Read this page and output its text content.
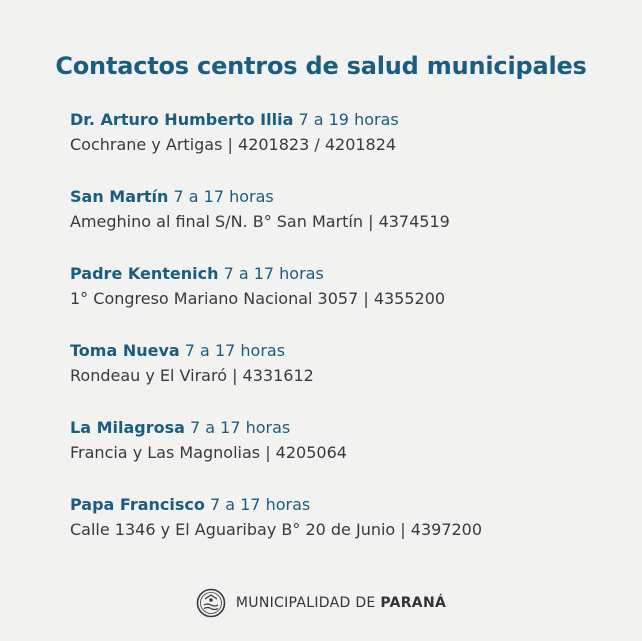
Contactos centros de salud municipales
Dr. Arturo Humberto Illia 7 a 19 horas
Cochrane y Artigas | 4201823 / 4201824
San Martín 7 a 17 horas
Ameghino al final S/N. B° San Martín | 4374519
Padre Kentenich 7 a 17 horas
1° Congreso Mariano Nacional 3057 | 4355200
Toma Nueva 7 a 17 horas
Rondeau y El Viraró | 4331612
La Milagrosa 7 a 17 horas
Francia y Las Magnolias | 4205064
Papa Francisco 7 a 17 horas
Calle 1346 y El Aguaribay B° 20 de Junio | 4397200
MUNICIPALIDAD DE PARANÁ
